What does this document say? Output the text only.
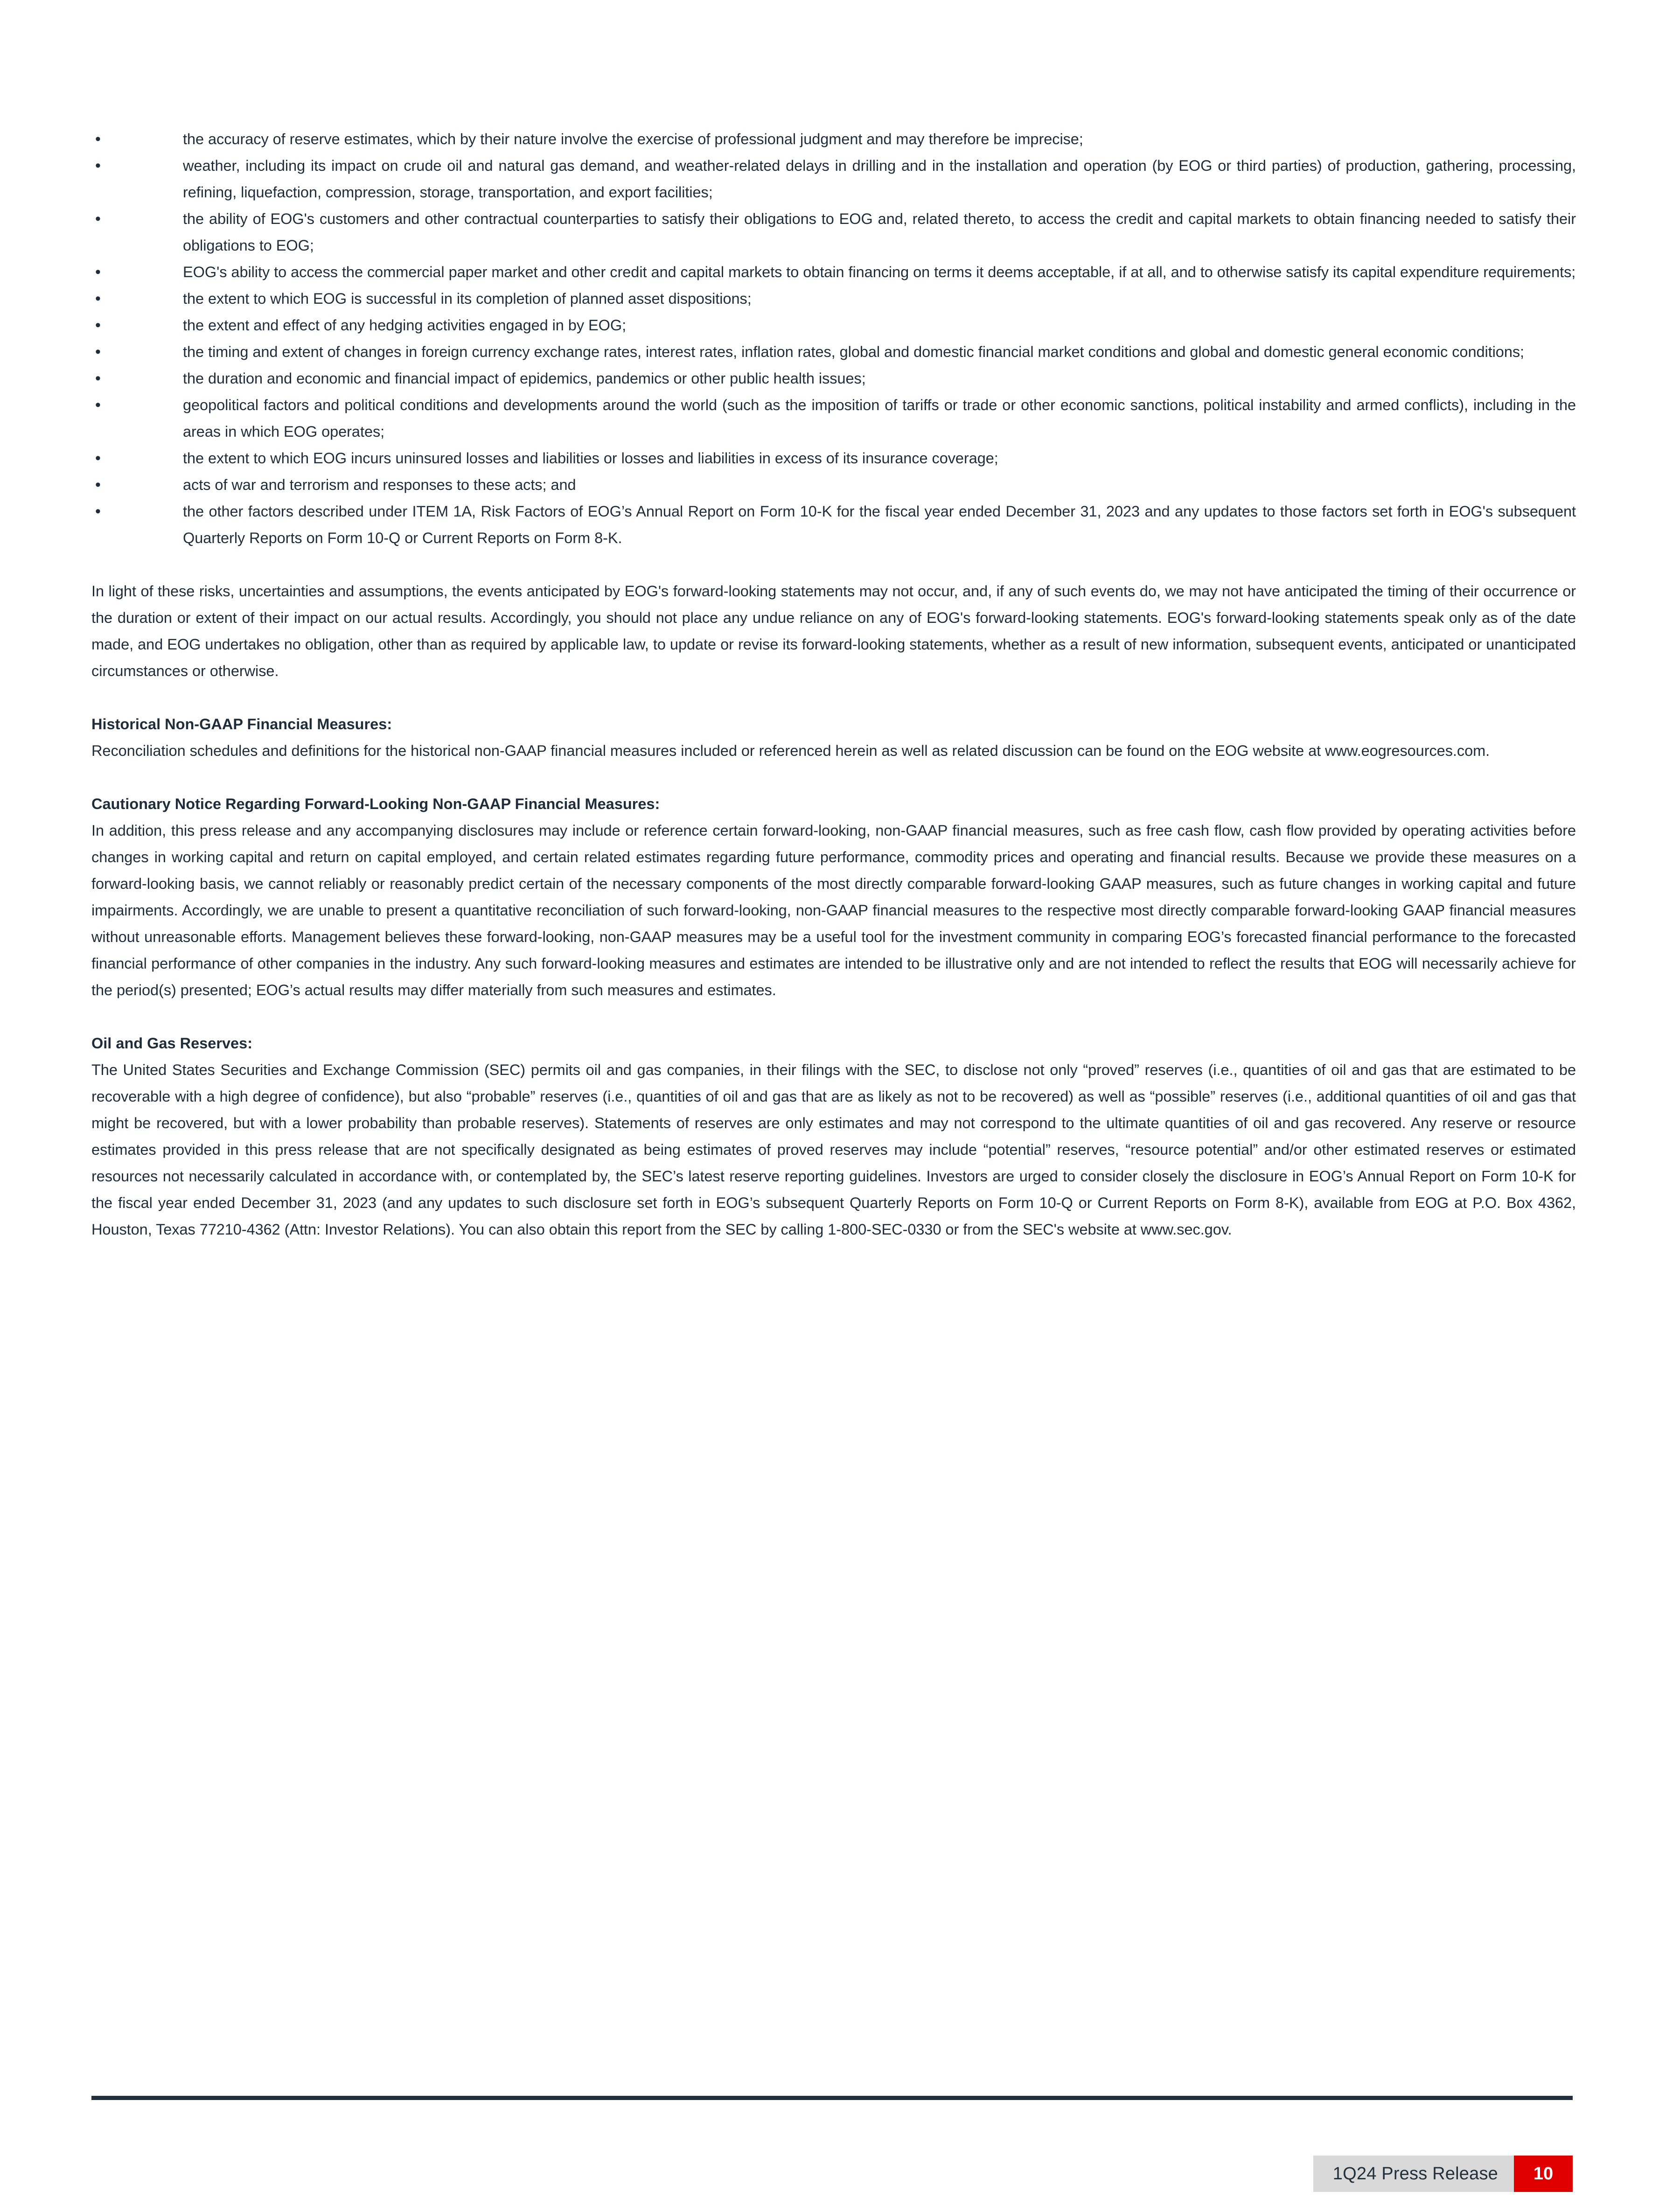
•	the accuracy of reserve estimates, which by their nature involve the exercise of professional judgment and may therefore be imprecise;
•	weather, including its impact on crude oil and natural gas demand, and weather-related delays in drilling and in the installation and operation (by EOG or third parties) of production, gathering, processing, refining, liquefaction, compression, storage, transportation, and export facilities;
•	the ability of EOG's customers and other contractual counterparties to satisfy their obligations to EOG and, related thereto, to access the credit and capital markets to obtain financing needed to satisfy their obligations to EOG;
•	EOG's ability to access the commercial paper market and other credit and capital markets to obtain financing on terms it deems acceptable, if at all, and to otherwise satisfy its capital expenditure requirements;
•	the extent to which EOG is successful in its completion of planned asset dispositions;
•	the extent and effect of any hedging activities engaged in by EOG;
•	the timing and extent of changes in foreign currency exchange rates, interest rates, inflation rates, global and domestic financial market conditions and global and domestic general economic conditions;
•	the duration and economic and financial impact of epidemics, pandemics or other public health issues;
•	geopolitical factors and political conditions and developments around the world (such as the imposition of tariffs or trade or other economic sanctions, political instability and armed conflicts), including in the areas in which EOG operates;
•	the extent to which EOG incurs uninsured losses and liabilities or losses and liabilities in excess of its insurance coverage;
•	acts of war and terrorism and responses to these acts; and
•	the other factors described under ITEM 1A, Risk Factors of EOG’s Annual Report on Form 10-K for the fiscal year ended December 31, 2023 and any updates to those factors set forth in EOG's subsequent Quarterly Reports on Form 10-Q or Current Reports on Form 8-K.

In light of these risks, uncertainties and assumptions, the events anticipated by EOG's forward-looking statements may not occur, and, if any of such events do, we may not have anticipated the timing of their occurrence or the duration or extent of their impact on our actual results. Accordingly, you should not place any undue reliance on any of EOG's forward-looking statements. EOG's forward-looking statements speak only as of the date made, and EOG undertakes no obligation, other than as required by applicable law, to update or revise its forward-looking statements, whether as a result of new information, subsequent events, anticipated or unanticipated circumstances or otherwise.

Historical Non-GAAP Financial Measures:

Reconciliation schedules and definitions for the historical non-GAAP financial measures included or referenced herein as well as related discussion can be found on the EOG website at www.eogresources.com.

Cautionary Notice Regarding Forward-Looking Non-GAAP Financial Measures:

In addition, this press release and any accompanying disclosures may include or reference certain forward-looking, non-GAAP financial measures, such as free cash flow, cash flow provided by operating activities before changes in working capital and return on capital employed, and certain related estimates regarding future performance, commodity prices and operating and financial results. Because we provide these measures on a forward-looking basis, we cannot reliably or reasonably predict certain of the necessary components of the most directly comparable forward-looking GAAP measures, such as future changes in working capital and future impairments. Accordingly, we are unable to present a quantitative reconciliation of such forward-looking, non-GAAP financial measures to the respective most directly comparable forward-looking GAAP financial measures without unreasonable efforts. Management believes these forward-looking, non-GAAP measures may be a useful tool for the investment community in comparing EOG’s forecasted financial performance to the forecasted financial performance of other companies in the industry. Any such forward-looking measures and estimates are intended to be illustrative only and are not intended to reflect the results that EOG will necessarily achieve for the period(s) presented; EOG’s actual results may differ materially from such measures and estimates.

Oil and Gas Reserves:

The United States Securities and Exchange Commission (SEC) permits oil and gas companies, in their filings with the SEC, to disclose not only “proved” reserves (i.e., quantities of oil and gas that are estimated to be recoverable with a high degree of confidence), but also “probable” reserves (i.e., quantities of oil and gas that are as likely as not to be recovered) as well as “possible” reserves (i.e., additional quantities of oil and gas that might be recovered, but with a lower probability than probable reserves). Statements of reserves are only estimates and may not correspond to the ultimate quantities of oil and gas recovered. Any reserve or resource estimates provided in this press release that are not specifically designated as being estimates of proved reserves may include “potential” reserves, “resource potential” and/or other estimated reserves or estimated resources not necessarily calculated in accordance with, or contemplated by, the SEC’s latest reserve reporting guidelines. Investors are urged to consider closely the disclosure in EOG’s Annual Report on Form 10-K for the fiscal year ended December 31, 2023 (and any updates to such disclosure set forth in EOG’s subsequent Quarterly Reports on Form 10-Q or Current Reports on Form 8-K), available from EOG at P.O. Box 4362, Houston, Texas 77210-4362 (Attn: Investor Relations). You can also obtain this report from the SEC by calling 1-800-SEC-0330 or from the SEC's website at www.sec.gov.

1Q24 Press Release	10
